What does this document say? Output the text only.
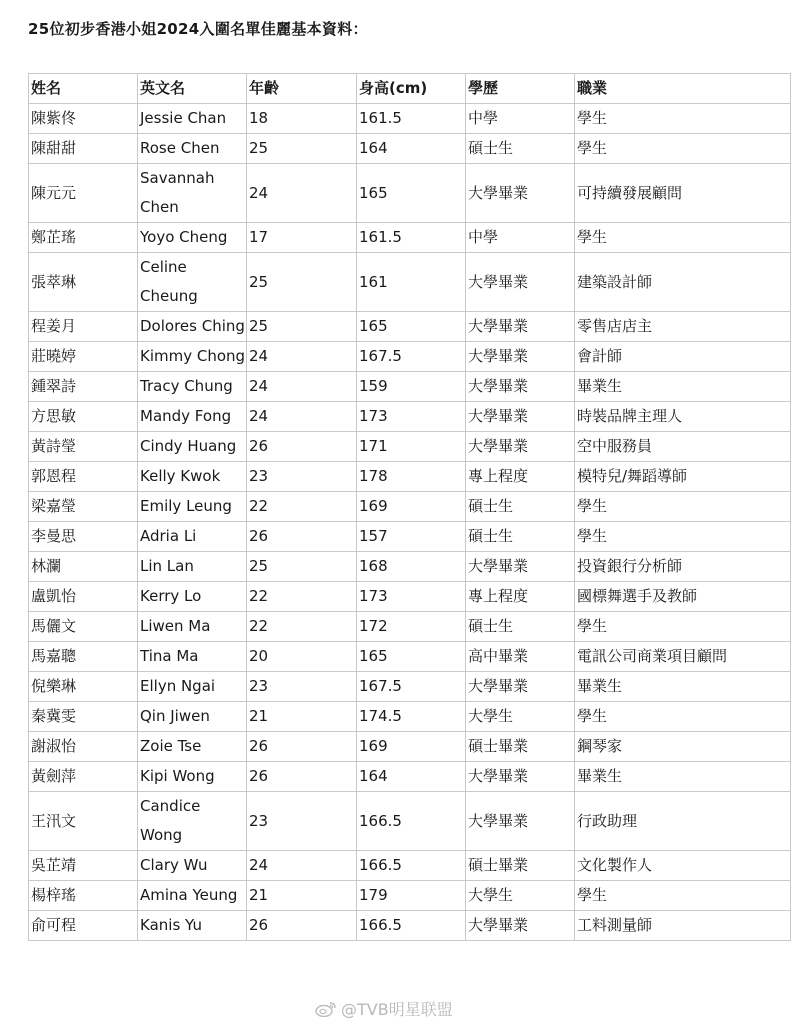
25位初步香港小姐2024入圍名單佳麗基本資料：
姓名	英文名	年齡	身高(cm)	學歷	職業
陳紫佟	Jessie Chan	18	161.5	中學	學生
陳甜甜	Rose Chen	25	164	碩士生	學生
陳元元	Savannah Chen	24	165	大學畢業	可持續發展顧問
鄭芷瑤	Yoyo Cheng	17	161.5	中學	學生
張萃琳	Celine Cheung	25	161	大學畢業	建築設計師
程姜月	Dolores Ching	25	165	大學畢業	零售店店主
莊曉婷	Kimmy Chong	24	167.5	大學畢業	會計師
鍾翠詩	Tracy Chung	24	159	大學畢業	畢業生
方思敏	Mandy Fong	24	173	大學畢業	時裝品牌主理人
黃詩瑩	Cindy Huang	26	171	大學畢業	空中服務員
郭恩程	Kelly Kwok	23	178	專上程度	模特兒/舞蹈導師
梁嘉瑩	Emily Leung	22	169	碩士生	學生
李曼思	Adria Li	26	157	碩士生	學生
林瀾	Lin Lan	25	168	大學畢業	投資銀行分析師
盧凱怡	Kerry Lo	22	173	專上程度	國標舞選手及教師
馬儷文	Liwen Ma	22	172	碩士生	學生
馬嘉聰	Tina Ma	20	165	高中畢業	電訊公司商業項目顧問
倪樂琳	Ellyn Ngai	23	167.5	大學畢業	畢業生
秦冀雯	Qin Jiwen	21	174.5	大學生	學生
謝淑怡	Zoie Tse	26	169	碩士畢業	鋼琴家
黃劍萍	Kipi Wong	26	164	大學畢業	畢業生
王汛文	Candice Wong	23	166.5	大學畢業	行政助理
吳芷靖	Clary Wu	24	166.5	碩士畢業	文化製作人
楊梓瑤	Amina Yeung	21	179	大學生	學生
俞可程	Kanis Yu	26	166.5	大學畢業	工料測量師
@TVB明星联盟
